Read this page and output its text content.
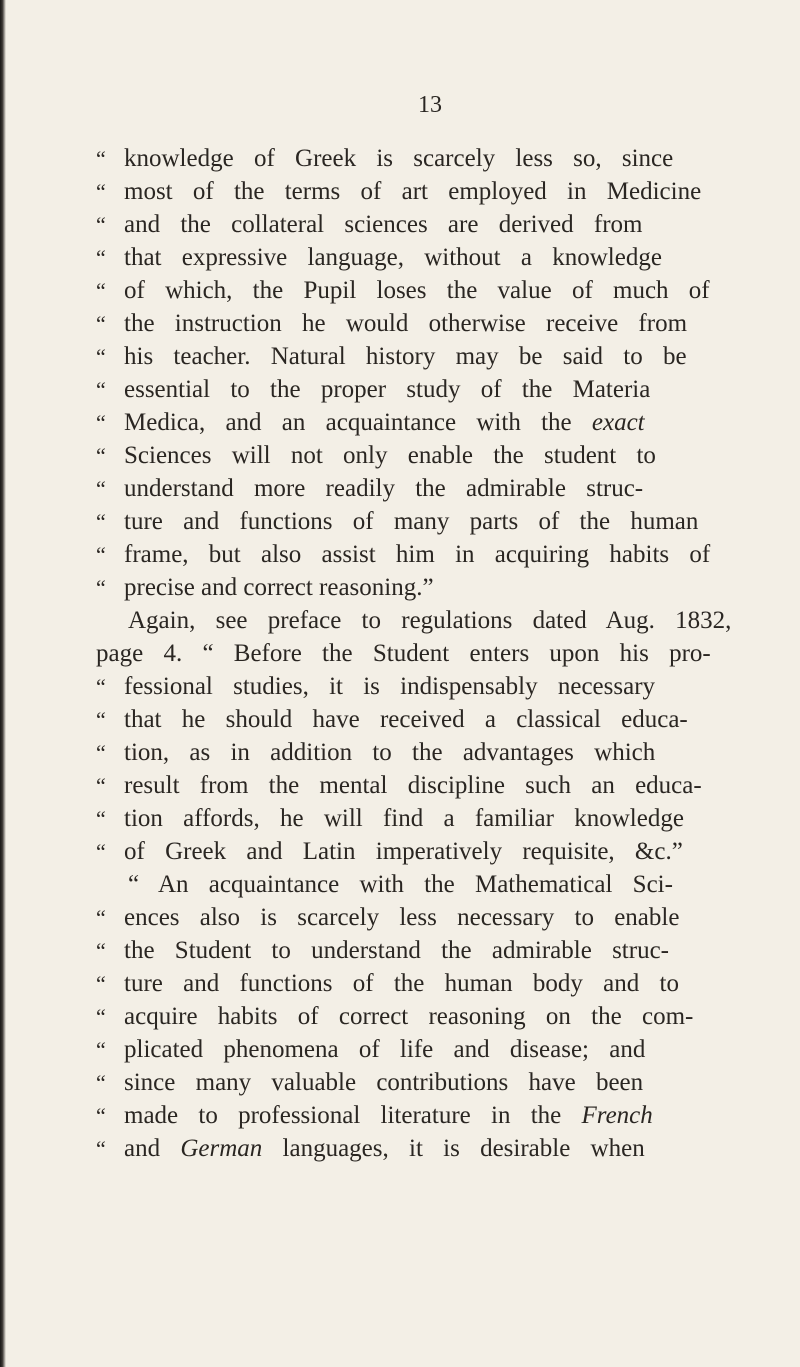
13
“ knowledge of Greek is scarcely less so, since
“ most of the terms of art employed in Medicine
“ and the collateral sciences are derived from
“ that expressive language, without a knowledge
“ of which, the Pupil loses the value of much of
“ the instruction he would otherwise receive from
“ his teacher. Natural history may be said to be
“ essential to the proper study of the Materia
“ Medica, and an acquaintance with the exact
“ Sciences will not only enable the student to
“ understand more readily the admirable struc-
“ ture and functions of many parts of the human
“ frame, but also assist him in acquiring habits of
“ precise and correct reasoning.”
Again, see preface to regulations dated Aug. 1832,
page 4. “ Before the Student enters upon his pro-
“ fessional studies, it is indispensably necessary
“ that he should have received a classical educa-
“ tion, as in addition to the advantages which
“ result from the mental discipline such an educa-
“ tion affords, he will find a familiar knowledge
“ of Greek and Latin imperatively requisite, &c.”
“ An acquaintance with the Mathematical Sci-
“ ences also is scarcely less necessary to enable
“ the Student to understand the admirable struc-
“ ture and functions of the human body and to
“ acquire habits of correct reasoning on the com-
“ plicated phenomena of life and disease; and
“ since many valuable contributions have been
“ made to professional literature in the French
“ and German languages, it is desirable when
